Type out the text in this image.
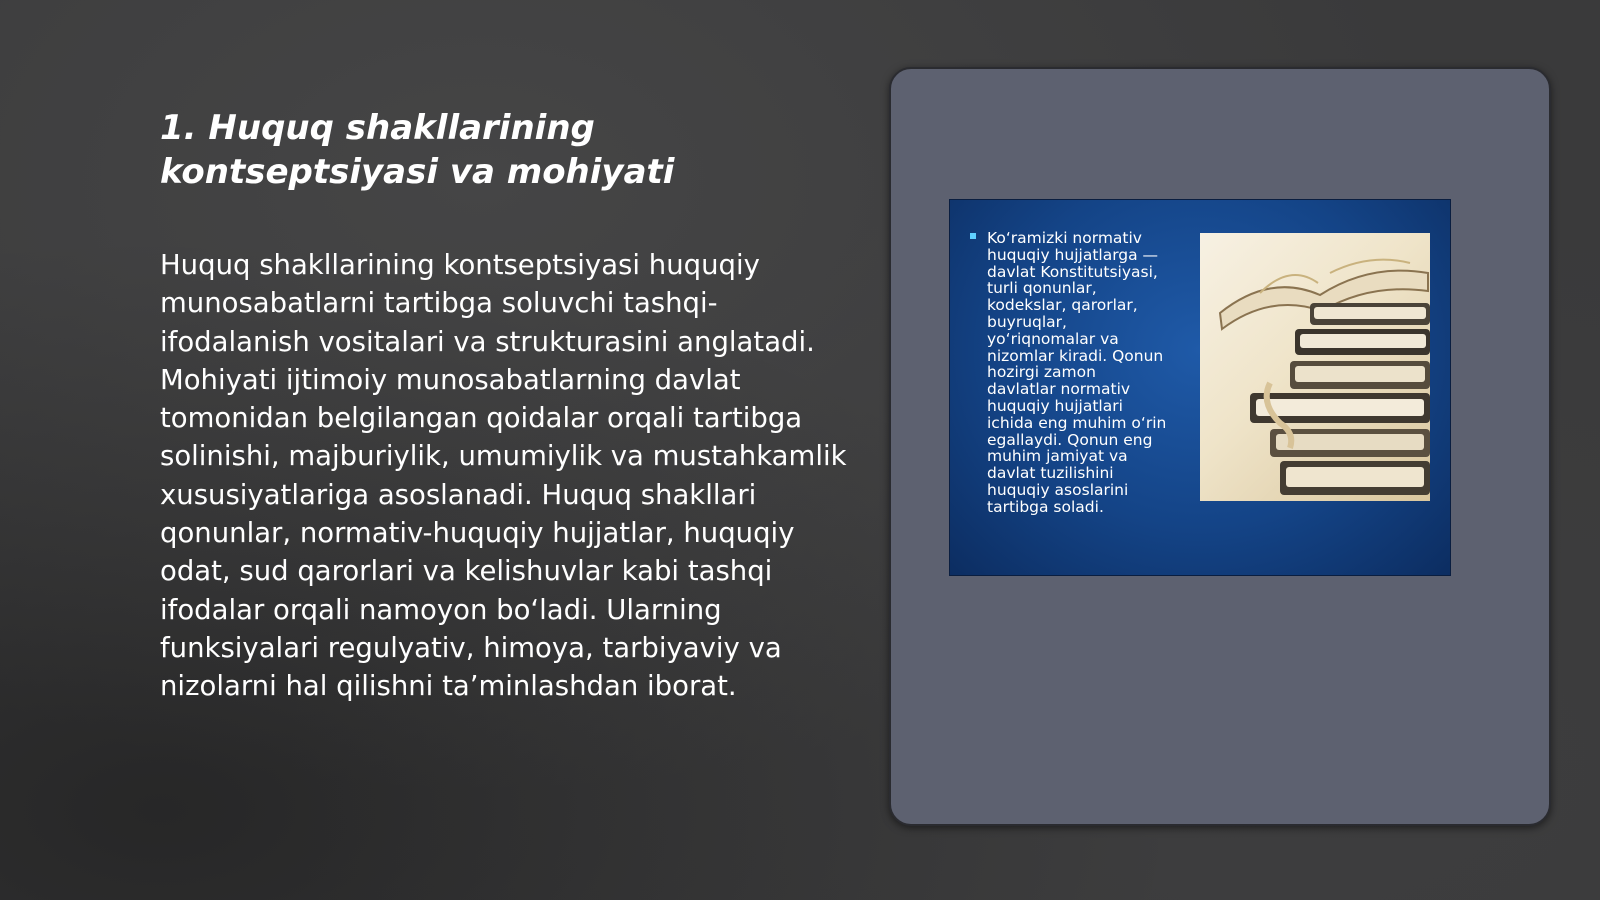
1. Huquq shakllarining kontseptsiyasi va mohiyati
Huquq shakllarining kontseptsiyasi huquqiy munosabatlarni tartibga soluvchi tashqi-ifodalanish vositalari va strukturasini anglatadi. Mohiyati ijtimoiy munosabatlarning davlat tomonidan belgilangan qoidalar orqali tartibga solinishi, majburiylik, umumiylik va mustahkamlik xususiyatlariga asoslanadi. Huquq shakllari qonunlar, normativ-huquqiy hujjatlar, huquqiy odat, sud qarorlari va kelishuvlar kabi tashqi ifodalar orqali namoyon bo‘ladi. Ularning funksiyalari regulyativ, himoya, tarbiyaviy va nizolarni hal qilishni ta’minlashdan iborat.
Ko‘ramizki normativ
huquqiy hujjatlarga —
davlat Konstitutsiyasi,
turli qonunlar,
kodekslar, qarorlar,
buyruqlar,
yo‘riqnomalar va
nizomlar kiradi. Qonun
hozirgi zamon
davlatlar normativ
huquqiy hujjatlari
ichida eng muhim o‘rin
egallaydi. Qonun eng
muhim jamiyat va
davlat tuzilishini
huquqiy asoslarini
tartibga soladi.
